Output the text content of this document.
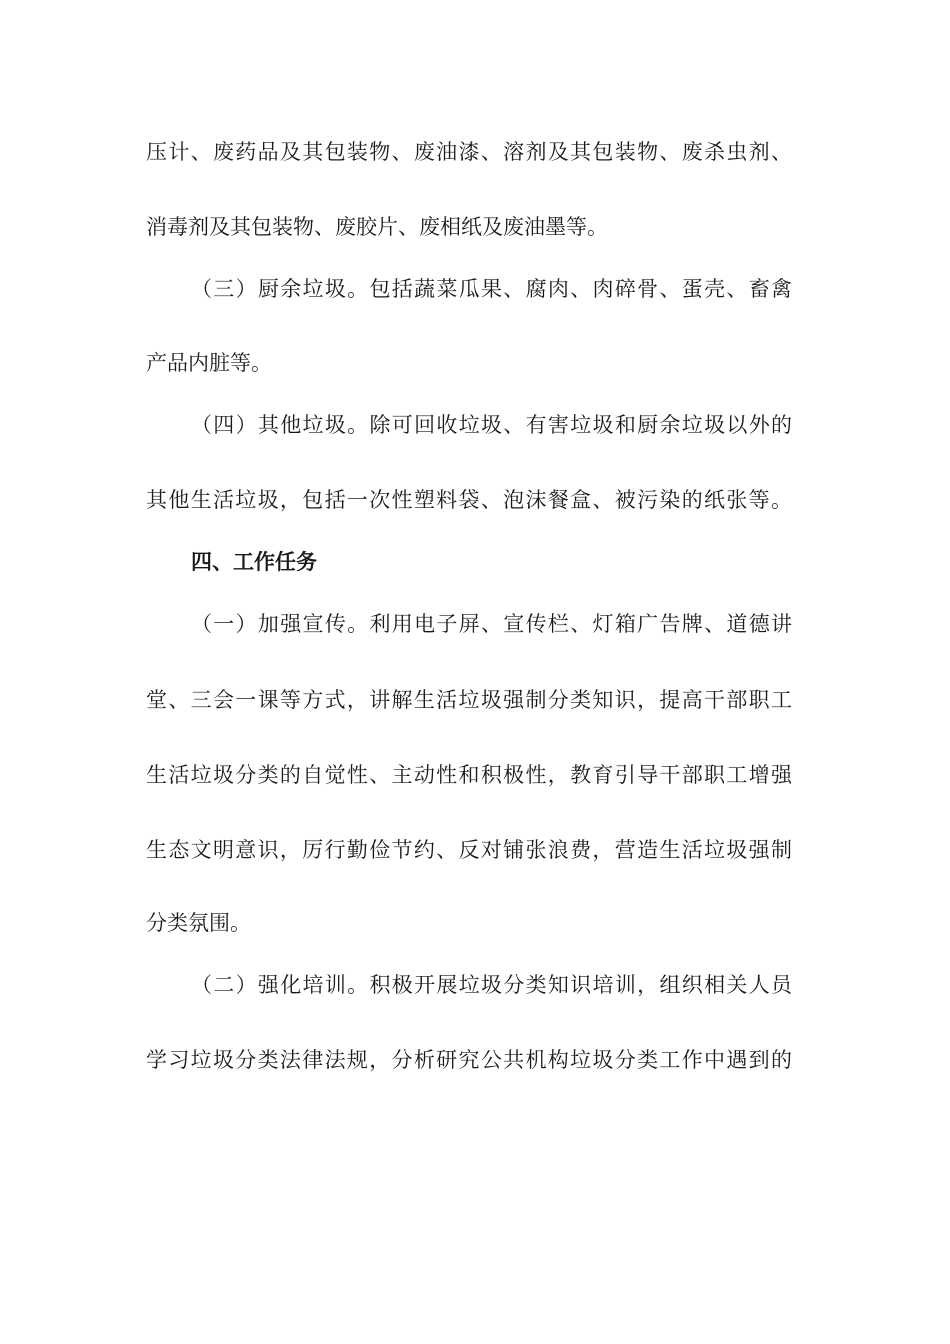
压计、废药品及其包装物、废油漆、溶剂及其包装物、废杀虫剂、

消毒剂及其包装物、废胶片、废相纸及废油墨等。

（三）厨余垃圾。包括蔬菜瓜果、腐肉、肉碎骨、蛋壳、畜禽

产品内脏等。

（四）其他垃圾。除可回收垃圾、有害垃圾和厨余垃圾以外的

其他生活垃圾，包括一次性塑料袋、泡沫餐盒、被污染的纸张等。

四、工作任务

（一）加强宣传。利用电子屏、宣传栏、灯箱广告牌、道德讲

堂、三会一课等方式，讲解生活垃圾强制分类知识，提高干部职工

生活垃圾分类的自觉性、主动性和积极性，教育引导干部职工增强

生态文明意识，厉行勤俭节约、反对铺张浪费，营造生活垃圾强制

分类氛围。

（二）强化培训。积极开展垃圾分类知识培训，组织相关人员

学习垃圾分类法律法规，分析研究公共机构垃圾分类工作中遇到的
